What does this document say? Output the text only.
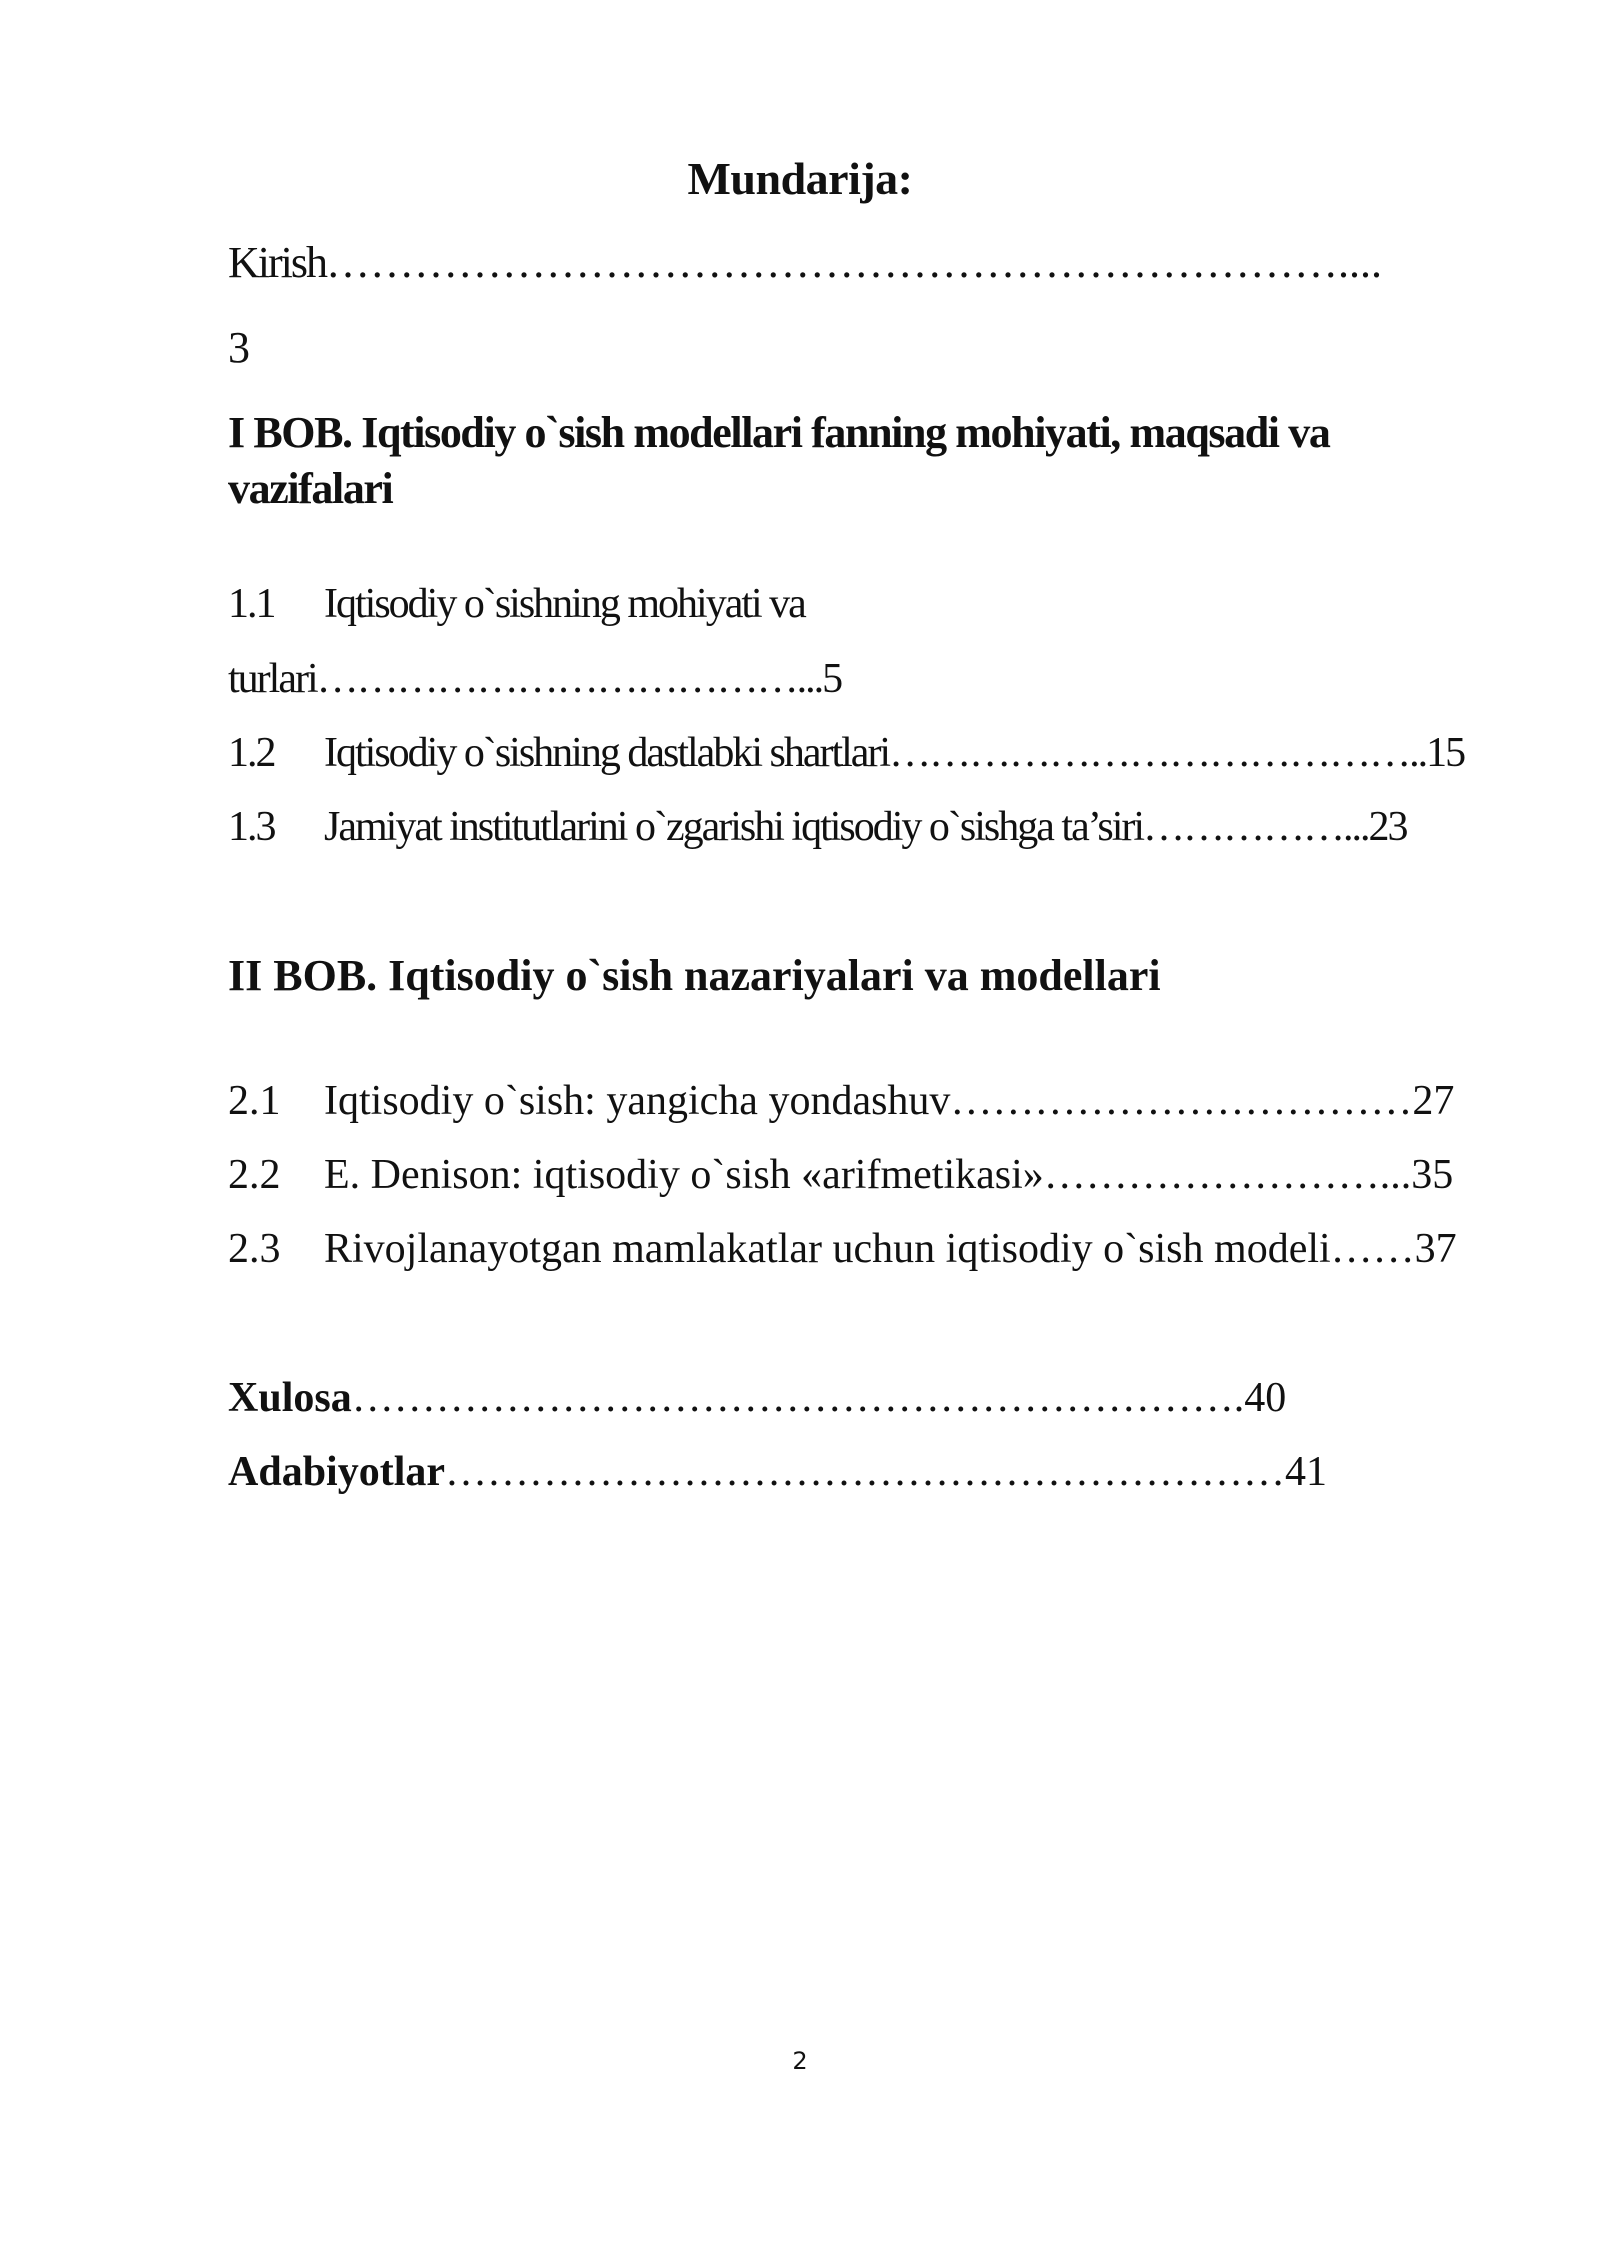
Mundarija:
Kirish……………………………………………………………....
3
I BOB. Iqtisodiy o`sish modellari fanning mohiyati, maqsadi va vazifalari
1.1 Iqtisodiy o`sishning mohiyati va
turlari………………………………...5
1.2 Iqtisodiy o`sishning dastlabki shartlari…………………………………..15
1.3 Jamiyat institutlarini o`zgarishi iqtisodiy o`sishga ta’siri……………...23
II BOB. Iqtisodiy o`sish nazariyalari va modellari
2.1 Iqtisodiy o`sish: yangicha yondashuv……………………………27
2.2 E. Denison: iqtisodiy o`sish «arifmetikasi»……………………...35
2.3 Rivojlanayotgan mamlakatlar uchun iqtisodiy o`sish modeli……37
Xulosa……………………………………………………….40
Adabiyotlar……………………………………………………41
2
